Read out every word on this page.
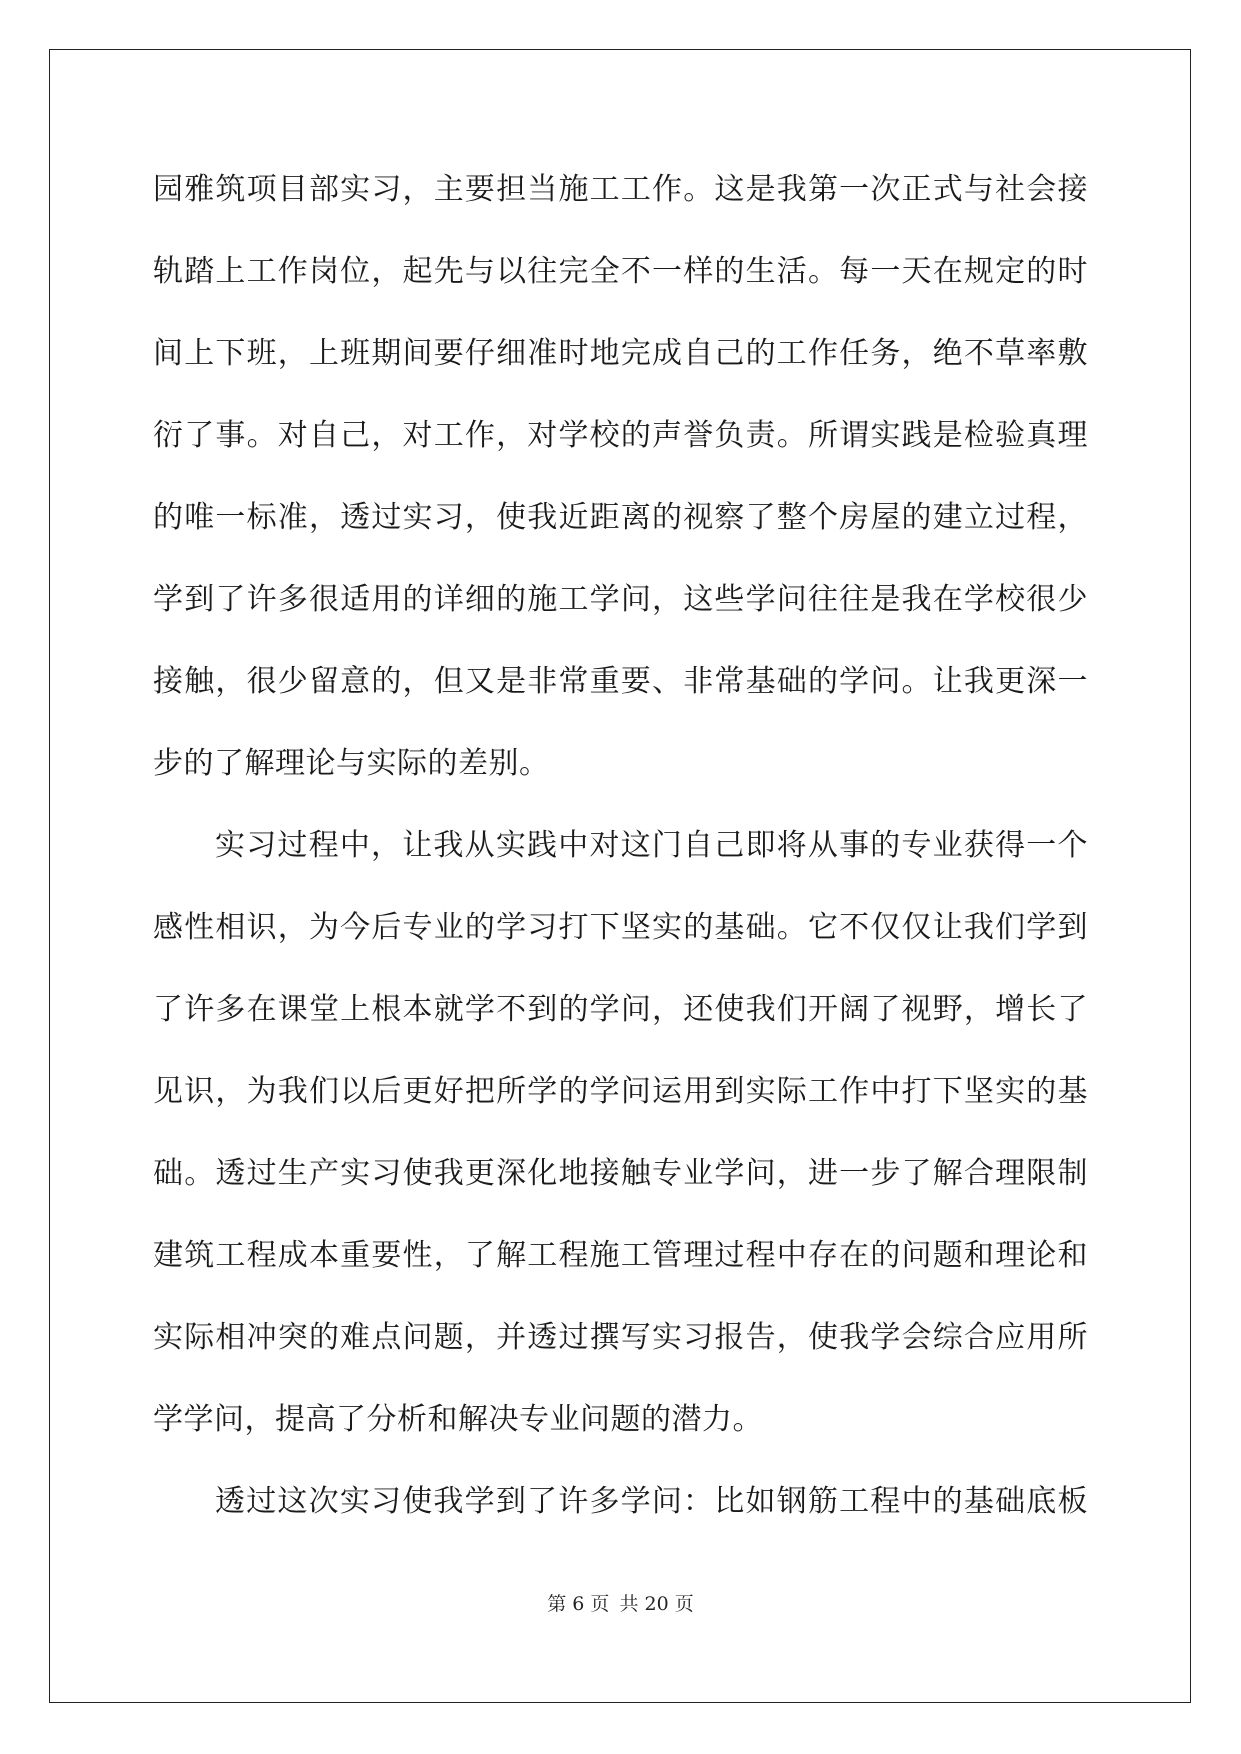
园雅筑项目部实习，主要担当施工工作。这是我第一次正式与社会接
轨踏上工作岗位，起先与以往完全不一样的生活。每一天在规定的时
间上下班，上班期间要仔细准时地完成自己的工作任务，绝不草率敷
衍了事。对自己，对工作，对学校的声誉负责。所谓实践是检验真理
的唯一标准，透过实习，使我近距离的视察了整个房屋的建立过程，
学到了许多很适用的详细的施工学问，这些学问往往是我在学校很少
接触，很少留意的，但又是非常重要、非常基础的学问。让我更深一
步的了解理论与实际的差别。
实习过程中，让我从实践中对这门自己即将从事的专业获得一个
感性相识，为今后专业的学习打下坚实的基础。它不仅仅让我们学到
了许多在课堂上根本就学不到的学问，还使我们开阔了视野，增长了
见识，为我们以后更好把所学的学问运用到实际工作中打下坚实的基
础。透过生产实习使我更深化地接触专业学问，进一步了解合理限制
建筑工程成本重要性，了解工程施工管理过程中存在的问题和理论和
实际相冲突的难点问题，并透过撰写实习报告，使我学会综合应用所
学学问，提高了分析和解决专业问题的潜力。
透过这次实习使我学到了许多学问：比如钢筋工程中的基础底板
第 6 页 共 20 页
